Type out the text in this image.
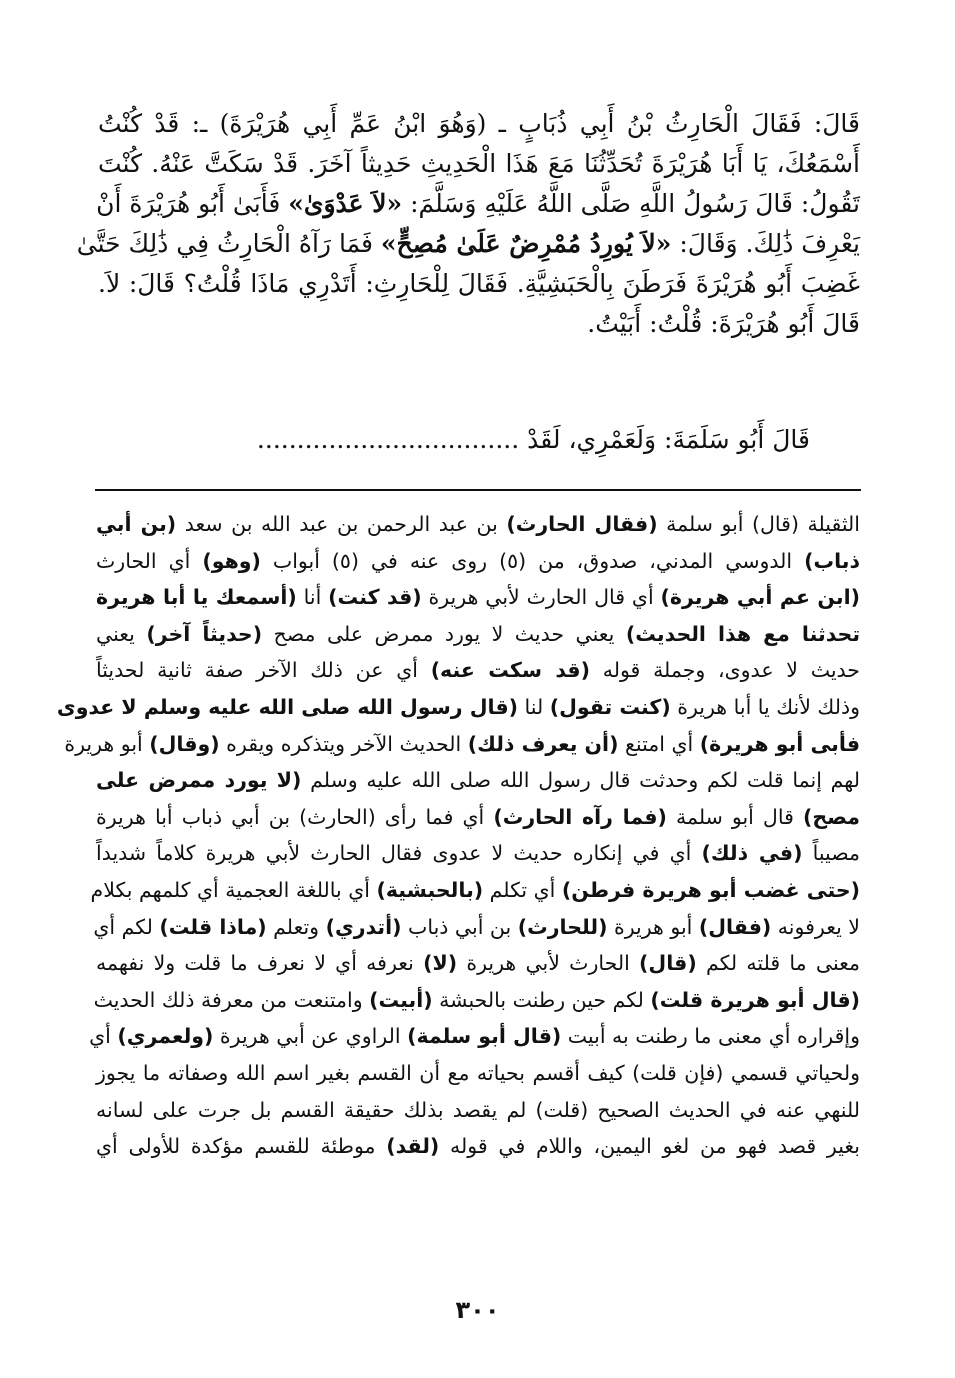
قَالَ: فَقَالَ الْحَارِثُ بْنُ أَبِي ذُبَابٍ ـ (وَهُوَ ابْنُ عَمِّ أَبِي هُرَيْرَةَ) ـ: قَدْ كُنْتُ
أَسْمَعُكَ، يَا أَبَا هُرَيْرَةَ تُحَدِّثُنَا مَعَ هَذَا الْحَدِيثِ حَدِيثاً آخَرَ. قَدْ سَكَتَّ عَنْهُ. كُنْتَ
تَقُولُ: قَالَ رَسُولُ اللَّهِ صَلَّى اللَّهُ عَلَيْهِ وَسَلَّمَ: «لاَ عَدْوَىٰ» فَأَبَىٰ أَبُو هُرَيْرَةَ أَنْ
يَعْرِفَ ذَٰلِكَ. وَقَالَ: «لاَ يُورِدُ مُمْرِضٌ عَلَىٰ مُصِحٍّ» فَمَا رَآهُ الْحَارِثُ فِي ذَٰلِكَ حَتَّىٰ
غَضِبَ أَبُو هُرَيْرَةَ فَرَطَنَ بِالْحَبَشِيَّةِ. فَقَالَ لِلْحَارِثِ: أَتَدْرِي مَاذَا قُلْتُ؟ قَالَ: لاَ.
قَالَ أَبُو هُرَيْرَةَ: قُلْتُ: أَبَيْتُ.
قَالَ أَبُو سَلَمَةَ: وَلَعَمْرِي، لَقَدْ .................................
الثقيلة (قال) أبو سلمة (فقال الحارث) بن عبد الرحمن بن عبد الله بن سعد (بن أبي
ذباب) الدوسي المدني، صدوق، من (٥) روى عنه في (٥) أبواب (وهو) أي الحارث
(ابن عم أبي هريرة) أي قال الحارث لأبي هريرة (قد كنت) أنا (أسمعك يا أبا هريرة
تحدثنا مع هذا الحديث) يعني حديث لا يورد ممرض على مصح (حديثاً آخر) يعني
حديث لا عدوى، وجملة قوله (قد سكت عنه) أي عن ذلك الآخر صفة ثانية لحديثاً
وذلك لأنك يا أبا هريرة (كنت تقول) لنا (قال رسول الله صلى الله عليه وسلم لا عدوى
فأبى أبو هريرة) أي امتنع (أن يعرف ذلك) الحديث الآخر ويتذكره ويقره (وقال) أبو هريرة
لهم إنما قلت لكم وحدثت قال رسول الله صلى الله عليه وسلم (لا يورد ممرض على
مصح) قال أبو سلمة (فما رآه الحارث) أي فما رأى (الحارث) بن أبي ذباب أبا هريرة
مصيباً (في ذلك) أي في إنكاره حديث لا عدوى فقال الحارث لأبي هريرة كلاماً شديداً
(حتى غضب أبو هريرة فرطن) أي تكلم (بالحبشية) أي باللغة العجمية أي كلمهم بكلام
لا يعرفونه (فقال) أبو هريرة (للحارث) بن أبي ذباب (أتدري) وتعلم (ماذا قلت) لكم أي
معنى ما قلته لكم (قال) الحارث لأبي هريرة (لا) نعرفه أي لا نعرف ما قلت ولا نفهمه
(قال أبو هريرة قلت) لكم حين رطنت بالحبشة (أبيت) وامتنعت من معرفة ذلك الحديث
وإقراره أي معنى ما رطنت به أبيت (قال أبو سلمة) الراوي عن أبي هريرة (ولعمري) أي
ولحياتي قسمي (فإن قلت) كيف أقسم بحياته مع أن القسم بغير اسم الله وصفاته ما يجوز
للنهي عنه في الحديث الصحيح (قلت) لم يقصد بذلك حقيقة القسم بل جرت على لسانه
بغير قصد فهو من لغو اليمين، واللام في قوله (لقد) موطئة للقسم مؤكدة للأولى أي
٣٠٠
